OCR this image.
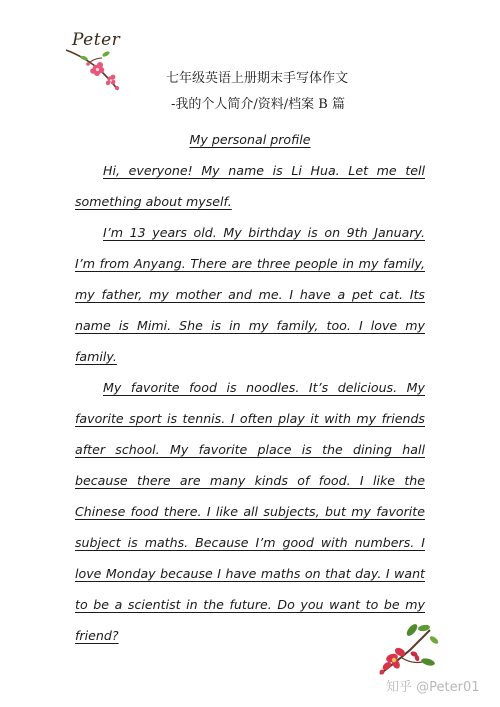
Peter
七年级英语上册期末手写体作文
-我的个人简介/资料/档案 B 篇
My personal profile

Hi, everyone! My name is Li Hua. Let me tell something about myself.

I’m 13 years old. My birthday is on 9th January. I’m from Anyang. There are three people in my family, my father, my mother and me. I have a pet cat. Its name is Mimi. She is in my family, too. I love my family.

My favorite food is noodles. It’s delicious. My favorite sport is tennis. I often play it with my friends after school. My favorite place is the dining hall because there are many kinds of food. I like the Chinese food there. I like all subjects, but my favorite subject is maths. Because I’m good with numbers. I love Monday because I have maths on that day. I want to be a scientist in the future. Do you want to be my friend?

知乎 @Peter01
